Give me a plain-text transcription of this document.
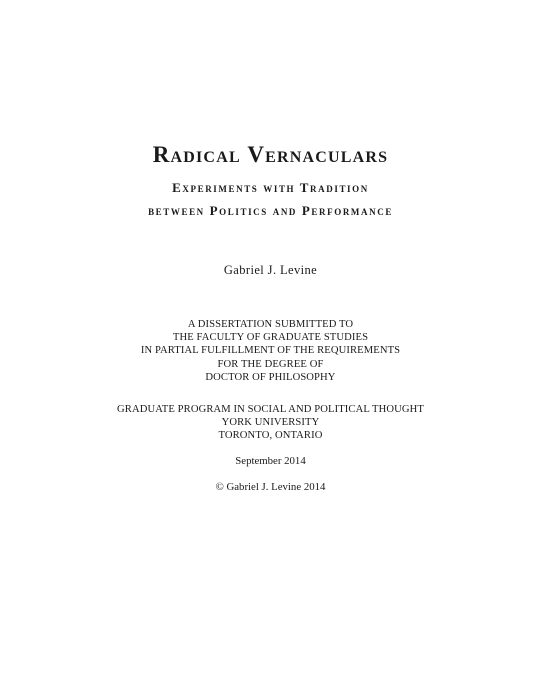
Radical Vernaculars
Experiments with Tradition
between Politics and Performance
Gabriel J. Levine
A DISSERTATION SUBMITTED TO
THE FACULTY OF GRADUATE STUDIES
IN PARTIAL FULFILLMENT OF THE REQUIREMENTS
FOR THE DEGREE OF
DOCTOR OF PHILOSOPHY
GRADUATE PROGRAM IN SOCIAL AND POLITICAL THOUGHT
YORK UNIVERSITY
TORONTO, ONTARIO
September 2014
© Gabriel J. Levine 2014
